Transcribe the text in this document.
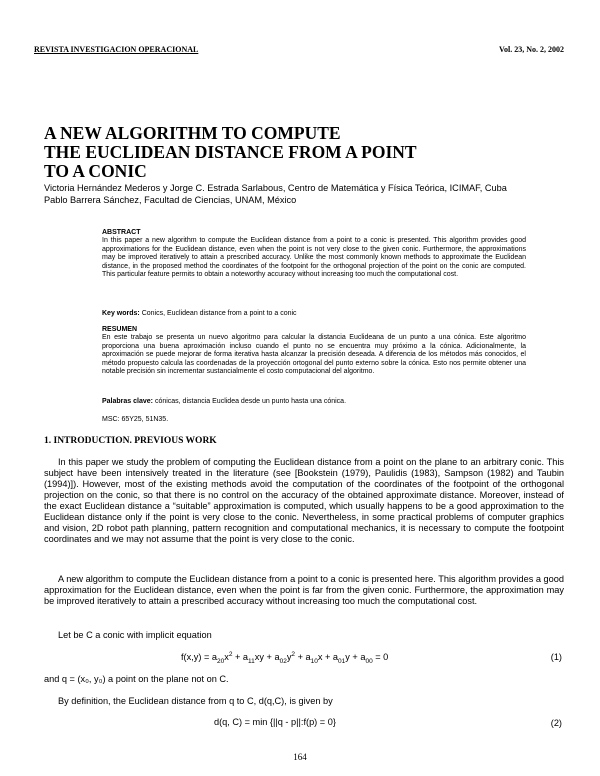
REVISTA INVESTIGACION OPERACIONAL	Vol. 23, No. 2, 2002
A NEW ALGORITHM TO COMPUTE
THE EUCLIDEAN DISTANCE FROM A POINT
TO A CONIC
Victoria Hernández Mederos y Jorge C. Estrada Sarlabous, Centro de Matemática y Física Teórica, ICIMAF, Cuba
Pablo Barrera Sánchez, Facultad de Ciencias, UNAM, México
ABSTRACT
In this paper a new algorithm to compute the Euclidean distance from a point to a conic is presented. This algorithm provides good approximations for the Euclidean distance, even when the point is not very close to the given conic. Furthermore, the approximations may be improved iteratively to attain a prescribed accuracy. Unlike the most commonly known methods to approximate the Euclidean distance, in the proposed method the coordinates of the footpoint for the orthogonal projection of the point on the conic are computed. This particular feature permits to obtain a noteworthy accuracy without increasing too much the computational cost.
Key words: Conics, Euclidean distance from a point to a conic
RESUMEN
En este trabajo se presenta un nuevo algoritmo para calcular la distancia Euclideana de un punto a una cónica. Este algoritmo proporciona una buena aproximación incluso cuando el punto no se encuentra muy próximo a la cónica. Adicionalmente, la aproximación se puede mejorar de forma iterativa hasta alcanzar la precisión deseada. A diferencia de los métodos más conocidos, el método propuesto calcula las coordenadas de la proyección ortogonal del punto externo sobre la cónica. Esto nos permite obtener una notable precisión sin incrementar sustancialmente el costo computacional del algoritmo.
Palabras clave: cónicas, distancia Euclidea desde un punto hasta una cónica.
MSC: 65Y25, 51N35.
1. INTRODUCTION. PREVIOUS WORK
In this paper we study the problem of computing the Euclidean distance from a point on the plane to an arbitrary conic. This subject have been intensively treated in the literature (see [Bookstein (1979), Paulidis (1983), Sampson (1982) and Taubin (1994)]). However, most of the existing methods avoid the computation of the coordinates of the footpoint of the orthogonal projection on the conic, so that there is no control on the accuracy of the obtained approximate distance. Moreover, instead of the exact Euclidean distance a “suitable” approximation is computed, which usually happens to be a good approximation to the Euclidean distance only if the point is very close to the conic. Nevertheless, in some practical problems of computer graphics and vision, 2D robot path planning, pattern recognition and computational mechanics, it is necessary to compute the footpoint coordinates and we may not assume that the point is very close to the conic.
A new algorithm to compute the Euclidean distance from a point to a conic is presented here. This algorithm provides a good approximation for the Euclidean distance, even when the point is far from the given conic. Furthermore, the approximation may be improved iteratively to attain a prescribed accuracy without increasing too much the computational cost.
Let be C a conic with implicit equation
$f(x,y) = a_{20}x^2 + a_{11}xy + a_{02}y^2 + a_{10}x + a_{01}y + a_{00} = 0$	(1)
and q = (x₀, y₀) a point on the plane not on C.
By definition, the Euclidean distance from q to C, d(q,C), is given by
d(q, C) = min {||q - p||:f(p) = 0}	(2)
164
